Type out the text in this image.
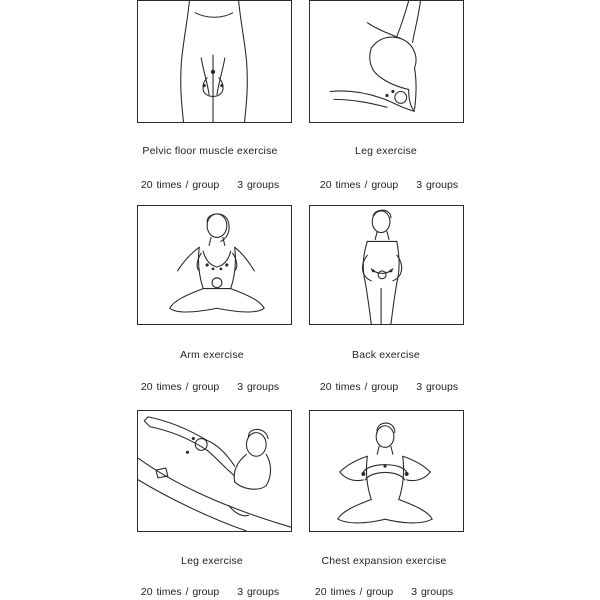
Pelvic floor muscle exercise
20 times / group 3 groups
Leg exercise
20 times / group 3 groups
Arm exercise
20 times / group 3 groups
Back exercise
20 times / group 3 groups
Leg exercise
20 times / group 3 groups
Chest expansion exercise
20 times / group 3 groups
